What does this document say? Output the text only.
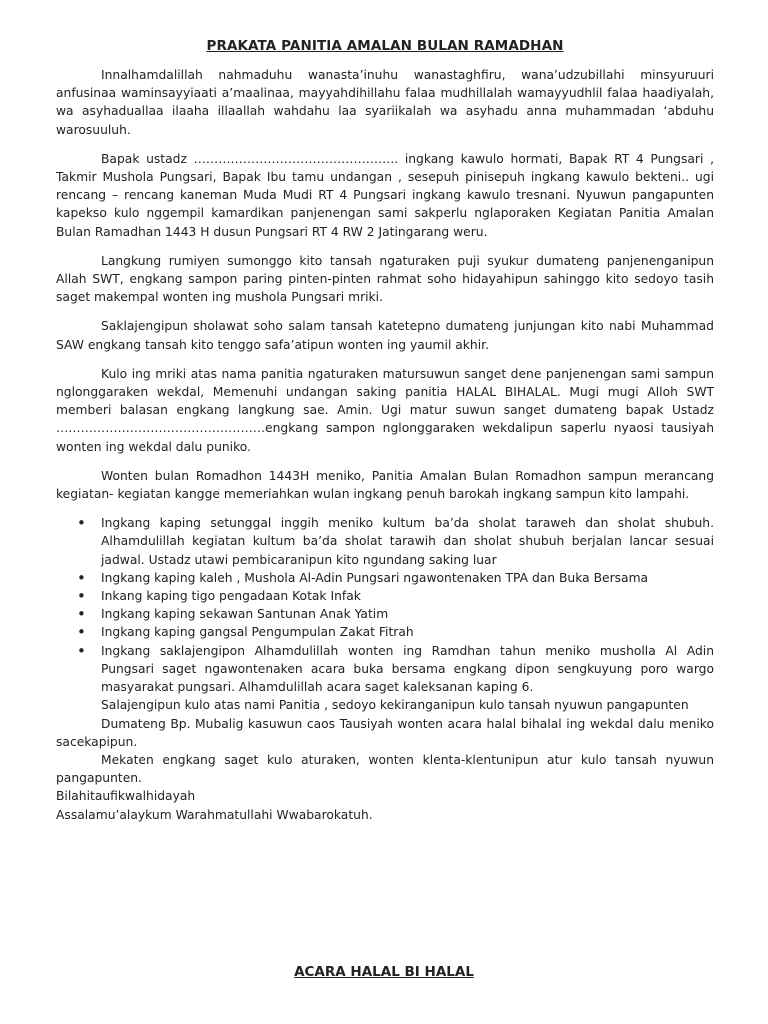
PRAKATA PANITIA AMALAN BULAN RAMADHAN

Innalhamdalillah nahmaduhu wanasta’inuhu wanastaghfiru, wana’udzubillahi minsyuruuri anfusinaa waminsayyiaati a’maalinaa, mayyahdihillahu falaa mudhillalah wamayyudhlil falaa haadiyalah, wa asyhaduallaa ilaaha illaallah wahdahu laa syariikalah wa asyhadu anna muhammadan ‘abduhu warosuuluh.

Bapak ustadz ………………………………………….. ingkang kawulo hormati, Bapak RT 4 Pungsari , Takmir Mushola Pungsari, Bapak Ibu tamu undangan , sesepuh pinisepuh ingkang kawulo bekteni.. ugi rencang – rencang kaneman Muda Mudi RT 4 Pungsari ingkang kawulo tresnani. Nyuwun pangapunten kapekso kulo nggempil kamardikan panjenengan sami sakperlu nglaporaken Kegiatan Panitia Amalan Bulan Ramadhan 1443 H dusun Pungsari RT 4 RW 2 Jatingarang weru.

Langkung rumiyen sumonggo kito tansah ngaturaken puji syukur dumateng panjenenganipun Allah SWT, engkang sampon paring pinten-pinten rahmat soho hidayahipun sahinggo kito sedoyo tasih saget makempal wonten ing mushola Pungsari mriki.

Saklajengipun sholawat soho salam tansah katetepno dumateng junjungan kito nabi Muhammad SAW engkang tansah kito tenggo safa’atipun wonten ing yaumil akhir.

Kulo ing mriki atas nama panitia ngaturaken matursuwun sanget dene panjenengan sami sampun nglonggaraken wekdal, Memenuhi undangan saking panitia HALAL BIHALAL. Mugi mugi Alloh SWT memberi balasan engkang langkung sae. Amin. Ugi matur suwun sanget dumateng bapak Ustadz ……………………………………………engkang sampon nglonggaraken wekdalipun saperlu nyaosi tausiyah wonten ing wekdal dalu puniko.

Wonten bulan Romadhon 1443H meniko, Panitia Amalan Bulan Romadhon sampun merancang kegiatan- kegiatan kangge memeriahkan wulan ingkang penuh barokah ingkang sampun kito lampahi.

• Ingkang kaping setunggal inggih meniko kultum ba’da sholat taraweh dan sholat shubuh. Alhamdulillah kegiatan kultum ba’da sholat tarawih dan sholat shubuh berjalan lancar sesuai jadwal. Ustadz utawi pembicaranipun kito ngundang saking luar
• Ingkang kaping kaleh , Mushola Al-Adin Pungsari ngawontenaken TPA dan Buka Bersama
• Inkang kaping tigo pengadaan Kotak Infak
• Ingkang kaping sekawan Santunan Anak Yatim
• Ingkang kaping gangsal Pengumpulan Zakat Fitrah
• Ingkang saklajengipon Alhamdulillah wonten ing Ramdhan tahun meniko musholla Al Adin Pungsari saget ngawontenaken acara buka bersama engkang dipon sengkuyung poro wargo masyarakat pungsari. Alhamdulillah acara saget kaleksanan kaping 6.

Salajengipun kulo atas nami Panitia , sedoyo kekiranganipun kulo tansah nyuwun pangapunten

Dumateng Bp. Mubalig kasuwun caos Tausiyah wonten acara halal bihalal ing wekdal dalu meniko sacekapipun.

Mekaten engkang saget kulo aturaken, wonten klenta-klentunipun atur kulo tansah nyuwun pangapunten.

Bilahitaufikwalhidayah

Assalamu’alaykum Warahmatullahi Wwabarokatuh.

ACARA HALAL BI HALAL
